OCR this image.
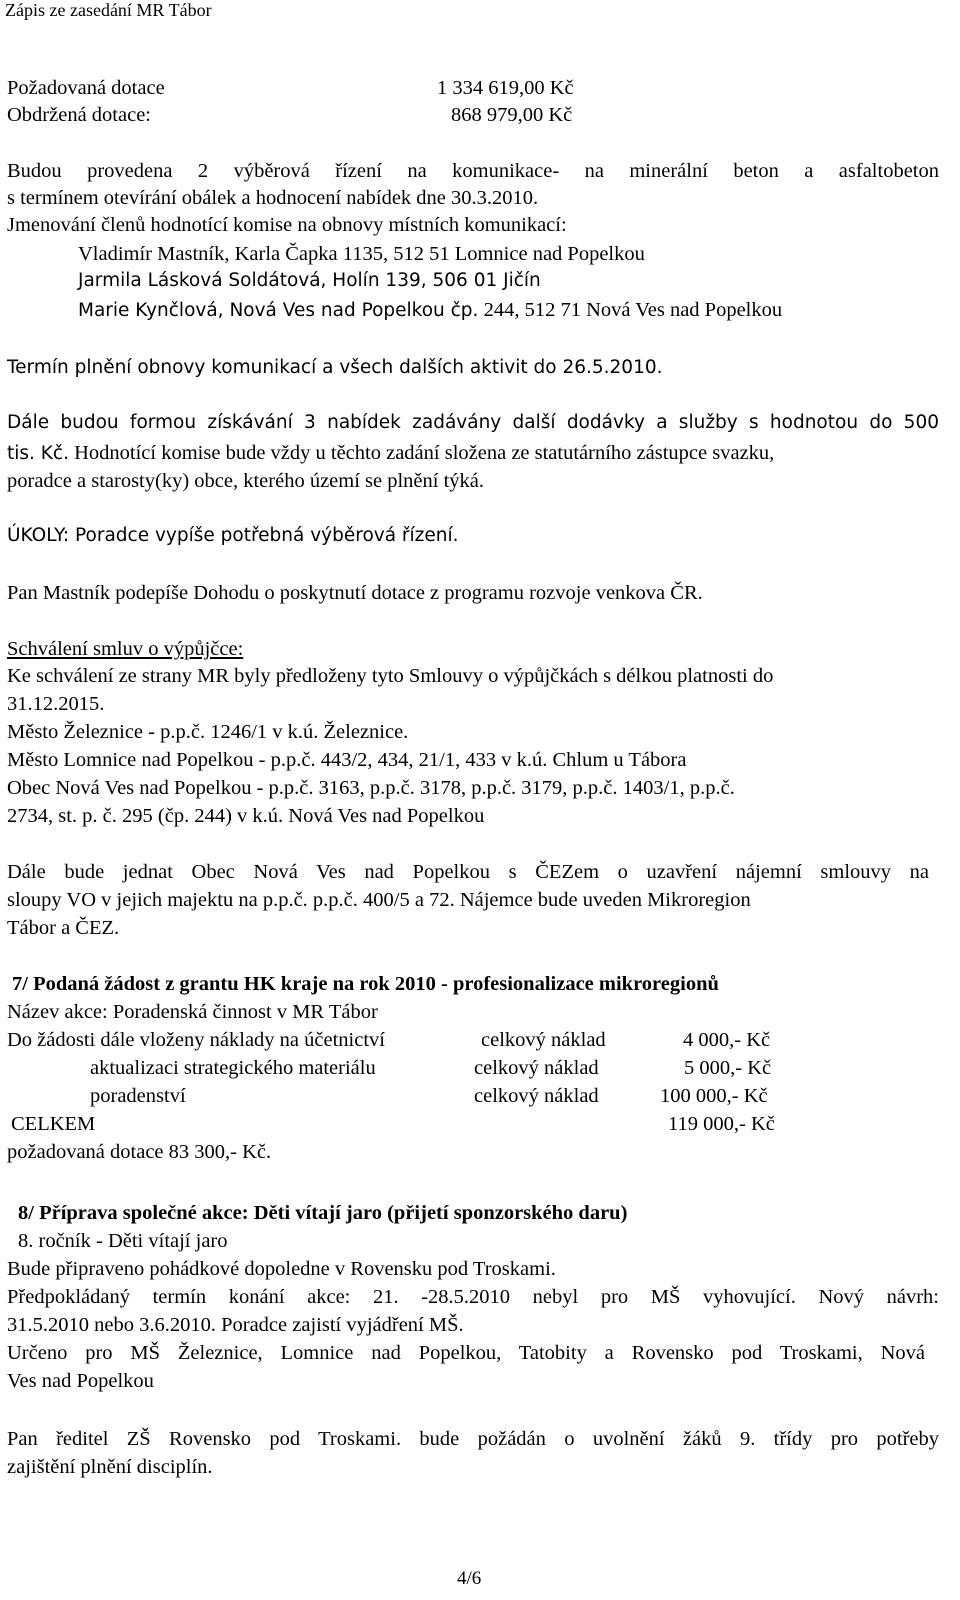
Zápis ze zasedání MR Tábor
Požadovaná dotace	1 334 619,00 Kč
Obdržená dotace:	868 979,00 Kč
Budou provedena 2 výběrová řízení na komunikace- na minerální beton a asfaltobeton
s termínem otevírání obálek a hodnocení nabídek dne 30.3.2010.
Jmenování členů hodnotící komise na obnovy místních komunikací:
Vladimír Mastník, Karla Čapka 1135, 512 51 Lomnice nad Popelkou
Jarmila Lásková Soldátová, Holín 139, 506 01 Jičín
Marie Kynčlová, Nová Ves nad Popelkou čp. 244, 512 71 Nová Ves nad Popelkou
Termín plnění obnovy komunikací a všech dalších aktivit do 26.5.2010.
Dále budou formou získávání 3 nabídek zadávány další dodávky a služby s hodnotou do 500
tis. Kč. Hodnotící komise bude vždy u těchto zadání složena ze statutárního zástupce svazku,
poradce a starosty(ky) obce, kterého území se plnění týká.
ÚKOLY: Poradce vypíše potřebná výběrová řízení.
Pan Mastník podepíše Dohodu o poskytnutí dotace z programu rozvoje venkova ČR.
Schválení smluv o výpůjčce:
Ke schválení ze strany MR byly předloženy tyto Smlouvy o výpůjčkách s délkou platnosti do
31.12.2015.
Město Železnice - p.p.č. 1246/1 v k.ú. Železnice.
Město Lomnice nad Popelkou - p.p.č. 443/2, 434, 21/1, 433 v k.ú. Chlum u Tábora
Obec Nová Ves nad Popelkou - p.p.č. 3163, p.p.č. 3178, p.p.č. 3179, p.p.č. 1403/1, p.p.č.
2734, st. p. č. 295 (čp. 244) v k.ú. Nová Ves nad Popelkou
Dále bude jednat Obec Nová Ves nad Popelkou s ČEZem o uzavření nájemní smlouvy na
sloupy VO v jejich majektu na p.p.č. p.p.č. 400/5 a 72. Nájemce bude uveden Mikroregion
Tábor a ČEZ.
7/ Podaná žádost z grantu HK kraje na rok 2010 - profesionalizace mikroregionů
Název akce: Poradenská činnost v MR Tábor
Do žádosti dále vloženy náklady na účetnictví	celkový náklad	4 000,- Kč
aktualizaci strategického materiálu	celkový náklad	5 000,- Kč
poradenství	celkový náklad	100 000,- Kč
CELKEM	119 000,- Kč
požadovaná dotace 83 300,- Kč.
8/ Příprava společné akce: Děti vítají jaro (přijetí sponzorského daru)
8. ročník - Děti vítají jaro
Bude připraveno pohádkové dopoledne v Rovensku pod Troskami.
Předpokládaný termín konání akce: 21. -28.5.2010 nebyl pro MŠ vyhovující. Nový návrh:
31.5.2010 nebo 3.6.2010. Poradce zajistí vyjádření MŠ.
Určeno pro MŠ Železnice, Lomnice nad Popelkou, Tatobity a Rovensko pod Troskami, Nová
Ves nad Popelkou
Pan ředitel ZŠ Rovensko pod Troskami. bude požádán o uvolnění žáků 9. třídy pro potřeby
zajištění plnění disciplín.
4/6
